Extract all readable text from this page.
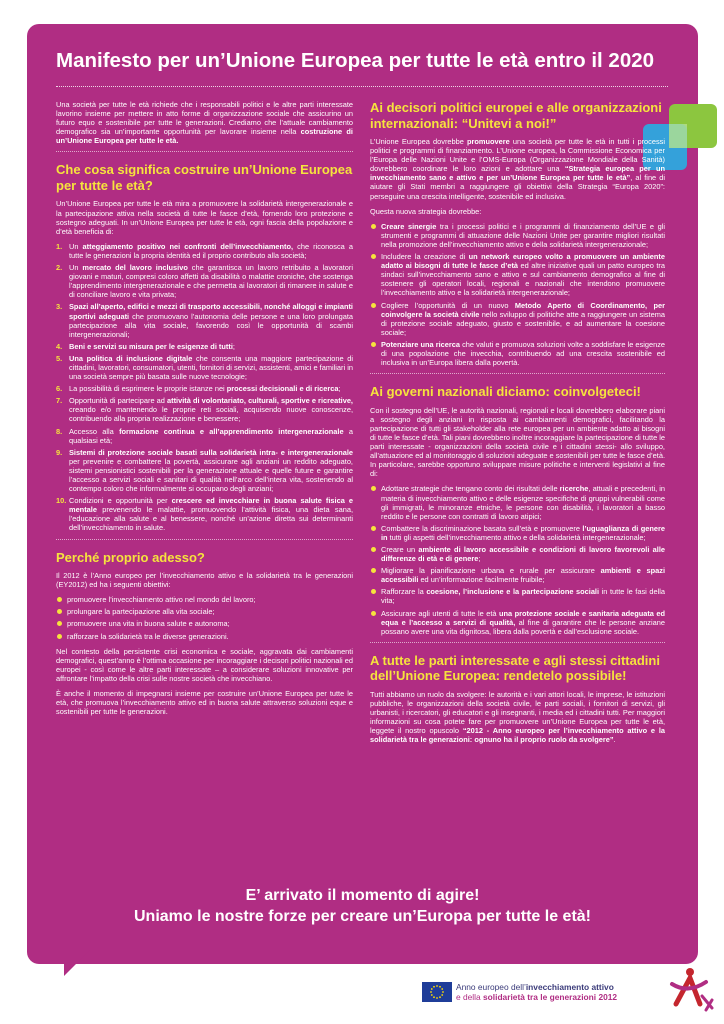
Manifesto per un’Unione Europea per tutte le età entro il 2020

Una società per tutte le età richiede che i responsabili politici e le altre parti interessate lavorino insieme per mettere in atto forme di organizzazione sociale che assicurino un futuro equo e sostenibile per tutte le generazioni. Crediamo che l’attuale cambiamento demografico sia un’importante opportunità per lavorare insieme nella costruzione di un’Unione Europea per tutte le età.

Che cosa significa costruire un’Unione Europea per tutte le età?

Un’Unione Europea per tutte le età mira a promuovere la solidarietà intergenerazionale e la partecipazione attiva nella società di tutte le fasce d’età, fornendo loro protezione e sostegno adeguati. In un’Unione Europea per tutte le età, ogni fascia della popolazione e d’età beneficia di:

1. Un atteggiamento positivo nei confronti dell’invecchiamento, che riconosca a tutte le generazioni la propria identità ed il proprio contributo alla società;
2. Un mercato del lavoro inclusivo che garantisca un lavoro retribuito a lavoratori giovani e maturi, compresi coloro affetti da disabilità o malattie croniche, che sostenga l’apprendimento intergenerazionale e che permetta ai lavoratori di rimanere in salute e di conciliare lavoro e vita privata;
3. Spazi all’aperto, edifici e mezzi di trasporto accessibili, nonché alloggi e impianti sportivi adeguati che promuovano l’autonomia delle persone e una loro prolungata partecipazione alla vita sociale, favorendo così le opportunità di scambi intergenerazionali;
4. Beni e servizi su misura per le esigenze di tutti;
5. Una politica di inclusione digitale che consenta una maggiore partecipazione di cittadini, lavoratori, consumatori, utenti, fornitori di servizi, assistenti, amici e familiari in una società sempre più basata sulle nuove tecnologie;
6. La possibilità di esprimere le proprie istanze nei processi decisionali e di ricerca;
7. Opportunità di partecipare ad attività di volontariato, culturali, sportive e ricreative, creando e/o mantenendo le proprie reti sociali, acquisendo nuove conoscenze, contribuendo alla propria realizzazione e benessere;
8. Accesso alla formazione continua e all’apprendimento intergenerazionale a qualsiasi età;
9. Sistemi di protezione sociale basati sulla solidarietà intra- e intergenerazionale per prevenire e combattere la povertà, assicurare agli anziani un reddito adeguato, sistemi pensionistici sostenibili per la generazione attuale e quelle future e garantire l’accesso a servizi sociali e sanitari di qualità nell’arco dell’intera vita, sostenendo al contempo coloro che informalmente si occupano degli anziani;
10. Condizioni e opportunità per crescere ed invecchiare in buona salute fisica e mentale prevenendo le malattie, promuovendo l’attività fisica, una dieta sana, l’educazione alla salute e al benessere, nonché un’azione diretta sui determinanti dell’invecchiamento in salute.
Perché proprio adesso?

Il 2012 è l’Anno europeo per l’invecchiamento attivo e la solidarietà tra le generazioni (EY2012) ed ha i seguenti obiettivi:

promuovere l’invecchiamento attivo nel mondo del lavoro;
prolungare la partecipazione alla vita sociale;
promuovere una vita in buona salute e autonoma;
rafforzare la solidarietà tra le diverse generazioni.

Nel contesto della persistente crisi economica e sociale, aggravata dai cambiamenti demografici, quest’anno è l’ottima occasione per incoraggiare i decisori politici nazionali ed europei - così come le altre parti interessate – a considerare soluzioni innovative per affrontare l’impatto della crisi sulle nostre società che invecchiano.

È anche il momento di impegnarsi insieme per costruire un’Unione Europea per tutte le età, che promuova l’invecchiamento attivo ed in buona salute attraverso soluzioni eque e sostenibili per tutte le generazioni.

Ai decisori politici europei e alle organizzazioni internazionali: “Unitevi a noi!”

L’Unione Europea dovrebbe promuovere una società per tutte le età in tutti i processi politici e programmi di finanziamento. L’Unione europea, la Commissione Economica per l’Europa delle Nazioni Unite e l’OMS-Europa (Organizzazione Mondiale della Sanità) dovrebbero coordinare le loro azioni e adottare una “Strategia europea per un invecchiamento sano e attivo e per un’Unione Europea per tutte le età”, al fine di aiutare gli Stati membri a raggiungere gli obiettivi della Strategia “Europa 2020”: perseguire una crescita intelligente, sostenibile ed inclusiva.

Questa nuova strategia dovrebbe:

Creare sinergie tra i processi politici e i programmi di finanziamento dell’UE e gli strumenti e programmi di attuazione delle Nazioni Unite per garantire migliori risultati nella promozione dell’invecchiamento attivo e della solidarietà intergenerazionale;
Includere la creazione di un network europeo volto a promuovere un ambiente adatto ai bisogni di tutte le fasce d’età ed altre iniziative quali un patto europeo tra sindaci sull’invecchiamento sano e attivo e sul cambiamento demografico al fine di sostenere gli operatori locali, regionali e nazionali che intendono promuovere l’invecchiamento attivo e la solidarietà intergenerazionale;
Cogliere l’opportunità di un nuovo Metodo Aperto di Coordinamento, per coinvolgere la società civile nello sviluppo di politiche atte a raggiungere un sistema di protezione sociale adeguato, giusto e sostenibile, e ad aumentare la coesione sociale;
Potenziare una ricerca che valuti e promuova soluzioni volte a soddisfare le esigenze di una popolazione che invecchia, contribuendo ad una crescita sostenibile ed inclusiva in un’Europa libera dalla povertà.
Ai governi nazionali diciamo: coinvolgeteci!

Con il sostegno dell’UE, le autorità nazionali, regionali e locali dovrebbero elaborare piani a sostegno degli anziani in risposta ai cambiamenti demografici, facilitando la partecipazione di tutti gli stakeholder alla rete europea per un ambiente adatto ai bisogni di tutte le fasce d’età. Tali piani dovrebbero inoltre incoraggiare la partecipazione di tutte le parti interessate - organizzazioni della società civile e i cittadini stessi- allo sviluppo, all’attuazione ed al monitoraggio di soluzioni adeguate e sostenibili per tutte le fasce d’età. In particolare, sarebbe opportuno sviluppare misure politiche e interventi legislativi al fine di:

Adottare strategie che tengano conto dei risultati delle ricerche, attuali e precedenti, in materia di invecchiamento attivo e delle esigenze specifiche di gruppi vulnerabili come gli immigrati, le minoranze etniche, le persone con disabilità, i lavoratori a basso reddito e le persone con contratti di lavoro atipici;
Combattere la discriminazione basata sull’età e promuovere l’uguaglianza di genere in tutti gli aspetti dell’invecchiamento attivo e della solidarietà intergenerazionale;
Creare un ambiente di lavoro accessibile e condizioni di lavoro favorevoli alle differenze di età e di genere;
Migliorare la pianificazione urbana e rurale per assicurare ambienti e spazi accessibili ed un’informazione facilmente fruibile;
Rafforzare la coesione, l’inclusione e la partecipazione sociali in tutte le fasi della vita;
Assicurare agli utenti di tutte le età una protezione sociale e sanitaria adeguata ed equa e l’accesso a servizi di qualità, al fine di garantire che le persone anziane possano avere una vita dignitosa, libera dalla povertà e dall’esclusione sociale.
A tutte le parti interessate e agli stessi cittadini dell’Unione Europea: rendetelo possibile!

Tutti abbiamo un ruolo da svolgere: le autorità e i vari attori locali, le imprese, le istituzioni pubbliche, le organizzazioni della società civile, le parti sociali, i fornitori di servizi, gli urbanisti, i ricercatori, gli educatori e gli insegnanti, i media ed i cittadini tutti. Per maggiori informazioni su cosa potete fare per promuovere un’Unione Europea per tutte le età, leggete il nostro opuscolo “2012 - Anno europeo per l’invecchiamento attivo e la solidarietà tra le generazioni: ognuno ha il proprio ruolo da svolgere”.

E’ arrivato il momento di agire!
Uniamo le nostre forze per creare un’Europa per tutte le età!
Anno europeo dell’invecchiamento attivo
e della solidarietà tra le generazioni 2012
